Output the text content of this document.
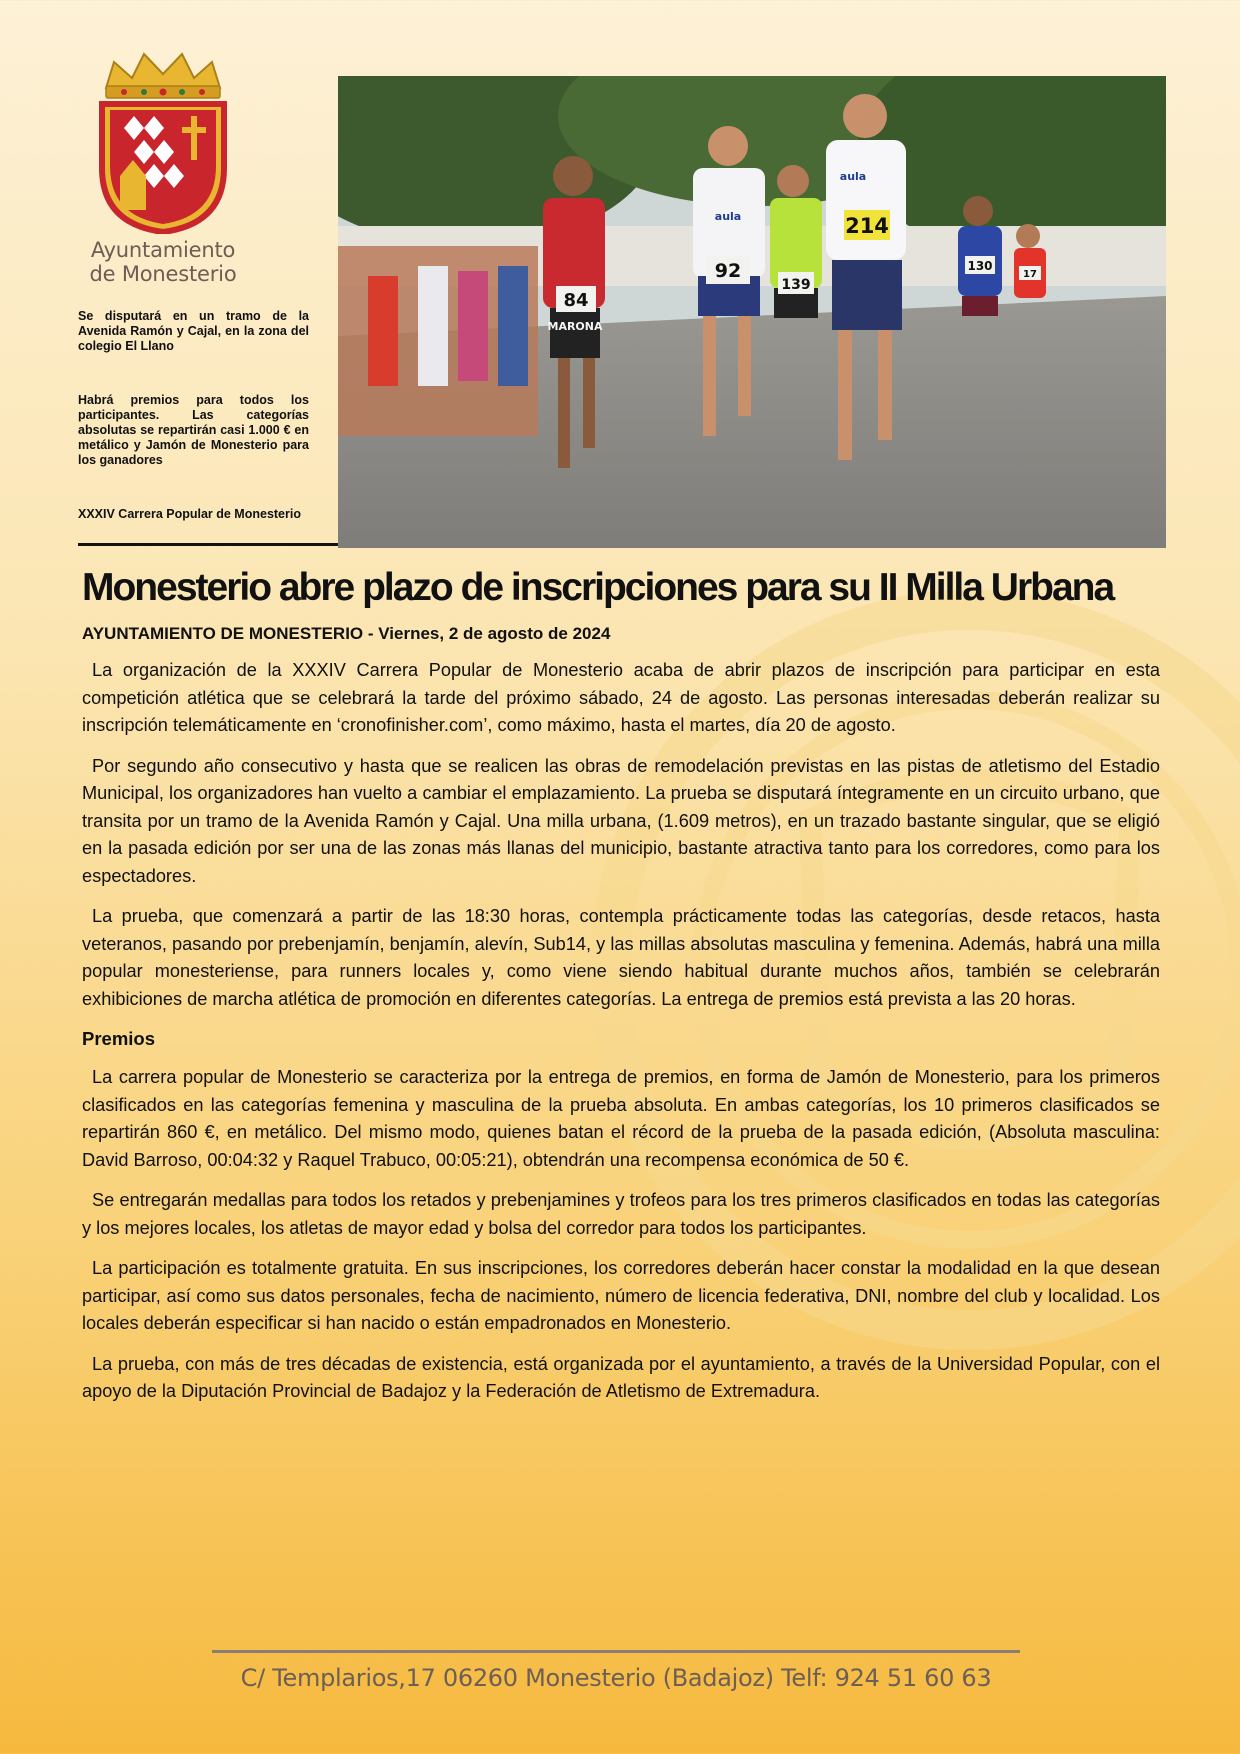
Ayuntamiento
de Monesterio
Se disputará en un tramo de la Avenida Ramón y Cajal, en la zona del colegio El Llano
Habrá premios para todos los participantes. Las categorías absolutas se repartirán casi 1.000 € en metálico y Jamón de Monesterio para los ganadores
XXXIV Carrera Popular de Monesterio
84
92
139
214
130
17
aula
aula
MARONA
Monesterio abre plazo de inscripciones para su II Milla Urbana

AYUNTAMIENTO DE MONESTERIO - Viernes, 2 de agosto de 2024

La organización de la XXXIV Carrera Popular de Monesterio acaba de abrir plazos de inscripción para participar en esta competición atlética que se celebrará la tarde del próximo sábado, 24 de agosto. Las personas interesadas deberán realizar su inscripción telemáticamente en ‘cronofinisher.com’, como máximo, hasta el martes, día 20 de agosto.

Por segundo año consecutivo y hasta que se realicen las obras de remodelación previstas en las pistas de atletismo del Estadio Municipal, los organizadores han vuelto a cambiar el emplazamiento. La prueba se disputará íntegramente en un circuito urbano, que transita por un tramo de la Avenida Ramón y Cajal. Una milla urbana, (1.609 metros), en un trazado bastante singular, que se eligió en la pasada edición por ser una de las zonas más llanas del municipio, bastante atractiva tanto para los corredores, como para los espectadores.

La prueba, que comenzará a partir de las 18:30 horas, contempla prácticamente todas las categorías, desde retacos, hasta veteranos, pasando por prebenjamín, benjamín, alevín, Sub14, y las millas absolutas masculina y femenina. Además, habrá una milla popular monesteriense, para runners locales y, como viene siendo habitual durante muchos años, también se celebrarán exhibiciones de marcha atlética de promoción en diferentes categorías. La entrega de premios está prevista a las 20 horas.

Premios

La carrera popular de Monesterio se caracteriza por la entrega de premios, en forma de Jamón de Monesterio, para los primeros clasificados en las categorías femenina y masculina de la prueba absoluta. En ambas categorías, los 10 primeros clasificados se repartirán 860 €, en metálico. Del mismo modo, quienes batan el récord de la prueba de la pasada edición, (Absoluta masculina: David Barroso, 00:04:32 y Raquel Trabuco, 00:05:21), obtendrán una recompensa económica de 50 €.

Se entregarán medallas para todos los retados y prebenjamines y trofeos para los tres primeros clasificados en todas las categorías y los mejores locales, los atletas de mayor edad y bolsa del corredor para todos los participantes.

La participación es totalmente gratuita. En sus inscripciones, los corredores deberán hacer constar la modalidad en la que desean participar, así como sus datos personales, fecha de nacimiento, número de licencia federativa, DNI, nombre del club y localidad. Los locales deberán especificar si han nacido o están empadronados en Monesterio.

La prueba, con más de tres décadas de existencia, está organizada por el ayuntamiento, a través de la Universidad Popular, con el apoyo de la Diputación Provincial de Badajoz y la Federación de Atletismo de Extremadura.

C/ Templarios,17 06260 Monesterio (Badajoz) Telf: 924 51 60 63
